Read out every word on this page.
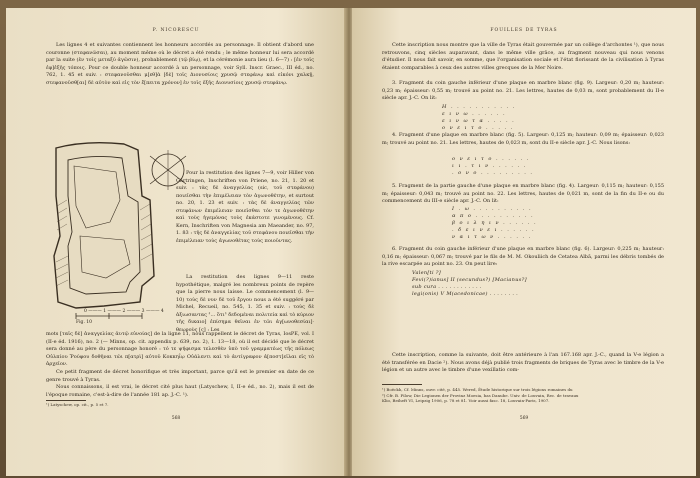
P. NICORESCU

Les lignes 4 et suivantes contiennent les honneurs accordés au personnage. Il obtient d'abord une couronne (στεφανῶσαι), au moment même où le décret a été rendu ; le même honneur lui sera accordé par la suite (ἐν τοῖς μεταξύ ἀγῶσιν), probablement (τῷ βίῳ), et la cérémonie aura lieu (l. 6—7) : [ἐν τοῖς ἐφ]ἑξῆς τόποις. Pour ce double honneur accordé à un personnage, voir Syll. Inscr. Graec., III éd., no. 762, 1. 45 et suiv. : στεφανοῦσθαι μ[εθ]ὰ [δὲ] τοῖς Διονυσίοις χρυσῷ στεφάνῳ καὶ εἰκόνι χαλκῇ, στεφανοῦσθ[αι] δὲ αὐτὸν καὶ εἰς τὸν ἔ[πειτα χρόνον] ἐν τοῖς ἑξῆς Διονυσίοις χρυσῷ στεφάνῳ.

0 ——— 1 ——— 2 ——— 3 ——— 4
Fig. 10

Pour la restitution des lignes 7—9, voir Hiller von Gärtringen, Inschriften von Priene, no. 21, 1. 20 et suiv. : τὰς δὲ ἀναγγελίας (sic, τοῦ στεφάνου) ποιεῖσθαι τὴν ἐπιμέλειαν τὸν ἀγωνοθέτην, et surtout no. 20, 1. 23 et suiv. : τὰς δὲ ἀναγγελίας τῶν στεφάνων ἐπιμέλειαν ποιεῖσθαι τόν τε ἀγωνοθέτην καὶ τοὺς ἡγεμόνας τοὺς ἐκάστοτε γινομένους. Cf. Kern, Inschriften von Magnesia am Maeander, no. 97, 1. 83 : τῆς δὲ ἀναγγελίας τοῦ στεφάνου ποιεῖσθαι τὴν ἐπιμέλειαν τοὺς ἀγωνοθέτας τοὺς ποιοῦντας.

La restitution des lignes 9—11 reste hypothétique, malgré les nombreux points de repère que la pierre nous laisse. Le commencement (l. 9—10) τοὺς δὲ νυν δὲ τοῦ ἔργου nous a été suggéré par Michel, Recueil, no. 545, 1. 35 et suiv. : τοὺς δὲ ἀξιωσαντας ⸢... ὅτι⸣ δεδομέναι πολιτεία καὶ τὸ κύριον τῆς δικαιο] ἐπίσημα θεῖναι ἐν τῶι ἀγ[ωνοθεσίαι]· θεωροὺς [ς] : Les

mots [ταῖς δὲ] ἀναγγελίας ἀυτῷ εὐνοίας] de la ligne 11, nous rappellent le décret de Tyras, IosPE, vol. I (II-e éd. 1916), no. 2 (— Minns, op. cit. appendix p. 639, no. 2), 1. 13—18, où il est décidé que le décret sera donné au père du personnage honoré : τό τε ψήφισμα τελεσθὲν ὑπὸ τοῦ γραμματέως τῆς πόλεως Οὐλπίου Ῥούφου δοθῆναι τῶι π[ατρὶ] αὐτοῦ Κοκκηΐῳ Οὐάλεντι καὶ τὸ ἀντίγραφον ἀ[ποστ]εῖλαι εἰς τὸ ἀρχεῖον.

Ce petit fragment de décret honorifique et très important, parce qu'il est le premier en date de ce genre trouvé à Tyras.

Nous connaissons, il est vrai, le décret cité plus haut (Latyschew, I, II-e éd., no. 2), mais il est de l'époque romaine, c'est-à-dire de l'année 181 ap. J.-C. ¹).

¹) Latyschew, op. cit., p. 5 et 7.
568
FOUILLES DE TYRAS

Cette inscription nous montre que la ville de Tyras était gouvernée par un collège d'archontes ¹), que nous retrouvons, cinq siècles auparavant, dans le même ville grâce, au fragment nouveau qui nous venons d'étudier. Il nous fait savoir, en somme, que l'organisation sociale et l'état florissant de la civilisation à Tyras étaient comparables à ceux des autres villes grecques de la Mer Noire.

3. Fragment du coin gauche inférieur d'une plaque en marbre blanc (fig. 9). Largeur: 0,20 m; hauteur: 0,23 m; épaisseur: 0,55 m; trouvé au point no. 21. Les lettres, hautes de 0,03 m, sont probablement du II-e siècle apr. J.-C. On lit:

Η . . . . . . . . . . .
ε ι ν ω . . . . . .
ε ι ν ω τ α . . . . .
ο ν ε ι τ ο . . . . .

4. Fragment d'une plaque en marbre blanc (fig. 5). Largeur: 0,125 m; hauteur: 0,09 m; épaisseur: 0,023 m; trouvé au point no. 21. Les lettres, hautes de 0,023 m, sont du II-e siècle apr. J.-C. Nous lisons:

ο ν ε ι τ ο . . . . . .
ι ι . τ ι ν . . . . . .
. ο ν ο . . . . . . . . .

5. Fragment de la partie gauche d'une plaque en marbre blanc (fig. 4). Largeur: 0,115 m; hauteur: 0,155 m; épaisseur: 0,043 m; trouvé au point no. 22. Les lettres, hautes de 0,021 m, sont de la fin du II-e ou du commencement du III-e siècle apr. J.-C. On lit:

Ι . ω . . . . . . . . . .
α π ο . . . . . . . . . .
β ο ι λ η ι ν . . . . . .
. δ ε ι ν ε ι . . . . . .
ν α ι τ ω ν . . . . . .

6. Fragment du coin gauche inférieur d'une plaque en marbre blanc (fig. 6). Largeur: 0,225 m; hauteur: 0,16 m; épaisseur: 0,067 m; trouvé par le fils de M. M. Okouliich de Cetatea Albă, parmi les débris tombés de la rive escarpée au point no. 23. On peut lire:

Valen[ti ?]
Fevi(?)ianus] II (secundus?) [Macianus?]
sub cura . . . . . . . . . . . .
legi(onis) V M(acedonicae) . . . . . . . .

Cette inscription, comme la suivante, doit être antérieure à l'an 167.168 apr. J.-C., quand la V-e légion a été transférée en Dacie ²). Nous avons déjà publié trois fragments de briques de Tyras avec le timbre de la V-e légion et un autre avec le timbre d'une vexillatio com-

¹) Boëckh, Cf. Minns, ouvr. cité, p. 445. Wered, Étude historique sur trois légions romaines du
²) Cfr. B. Filow, Die Legionen der Provinz Moesia, bas Danube. Univ. de Louvain, Rec. de travaux
Klio, Beiheft VI, Leipzig 1906, p. 78 et 81. Voir aussi fasc. 18, Louvain-Paris, 1907.
569
